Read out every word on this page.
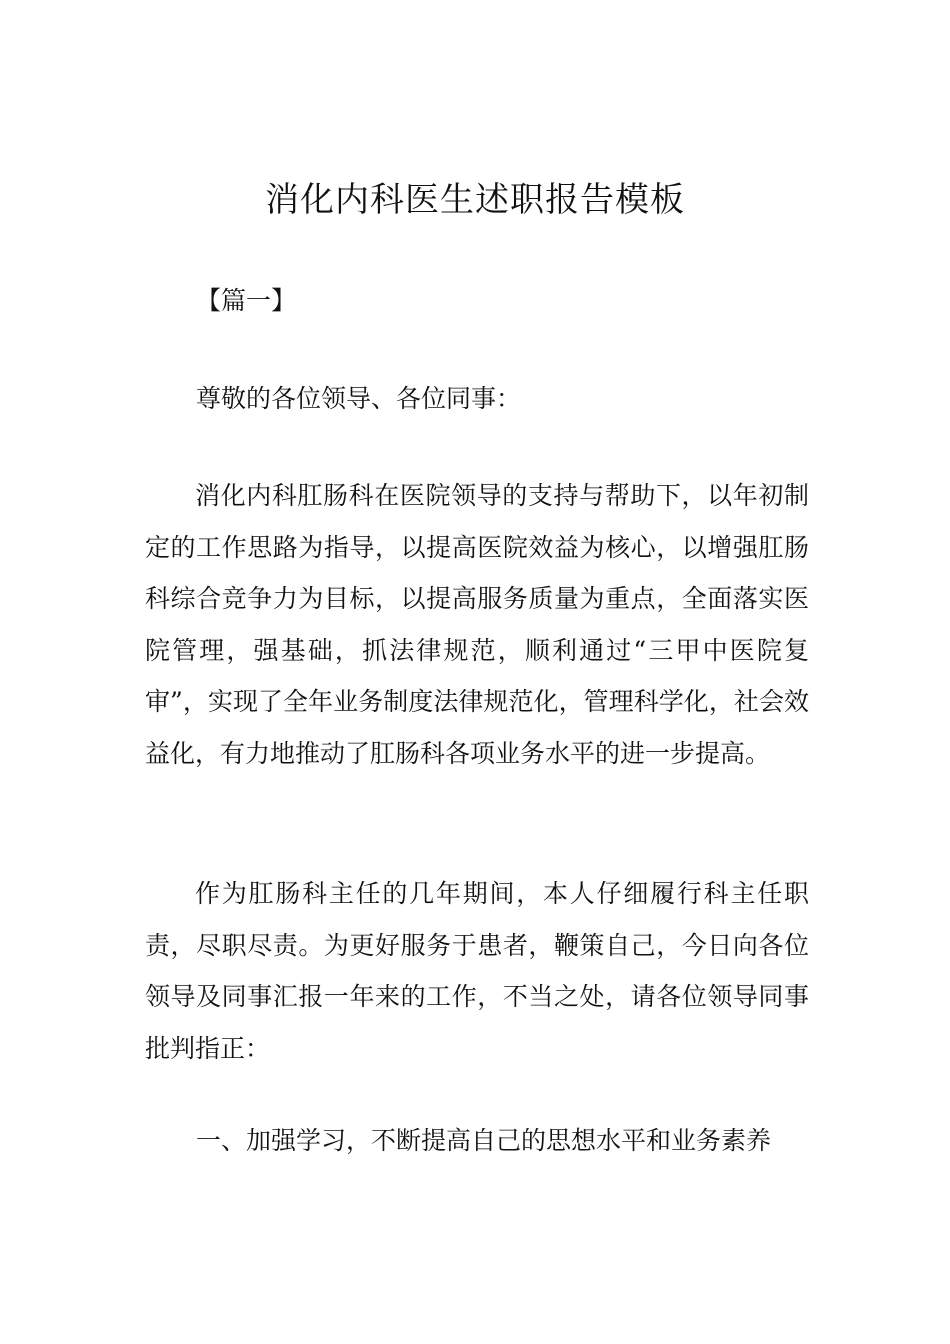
消化内科医生述职报告模板
【篇一】
尊敬的各位领导、各位同事：

消化内科肛肠科在医院领导的支持与帮助下，以年初制定的工作思路为指导，以提高医院效益为核心，以增强肛肠科综合竞争力为目标，以提高服务质量为重点，全面落实医院管理，强基础，抓法律规范，顺利通过“三甲中医院复审”，实现了全年业务制度法律规范化，管理科学化，社会效益化，有力地推动了肛肠科各项业务水平的进一步提高。

作为肛肠科主任的几年期间，本人仔细履行科主任职责，尽职尽责。为更好服务于患者，鞭策自己，今日向各位领导及同事汇报一年来的工作，不当之处，请各位领导同事批判指正：

一、加强学习，不断提高自己的思想水平和业务素养
